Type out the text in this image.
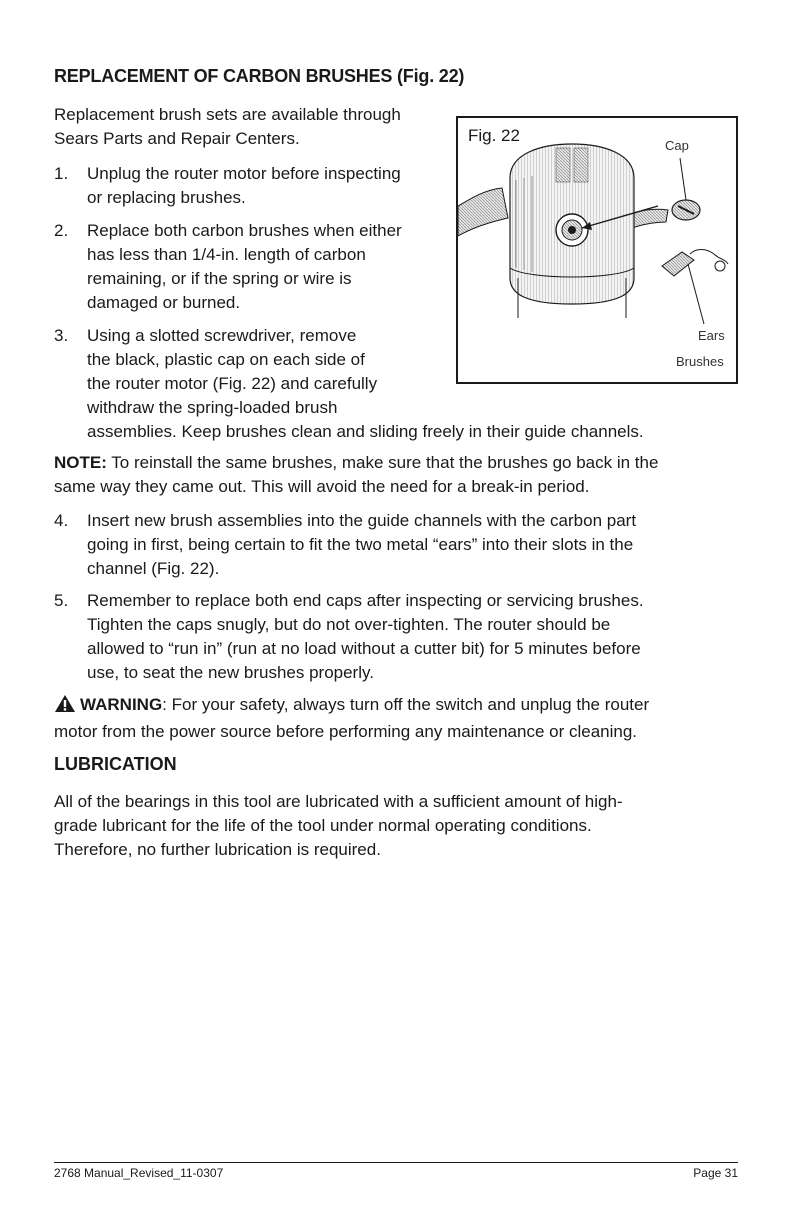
REPLACEMENT OF CARBON BRUSHES (Fig. 22)
Replacement brush sets are available through
Sears Parts and Repair Centers.
1.	Unplug the router motor before inspecting
or replacing brushes.
2.	Replace both carbon brushes when either
has less than 1/4-in. length of carbon
remaining, or if the spring or wire is
damaged or burned.
3.	Using a slotted screwdriver, remove
the black, plastic cap on each side of
the router motor (Fig. 22) and carefully
withdraw the spring-loaded brush
assemblies. Keep brushes clean and sliding freely in their guide channels.
NOTE: To reinstall the same brushes, make sure that the brushes go back in the
same way they came out. This will avoid the need for a break-in period.
4.	Insert new brush assemblies into the guide channels with the carbon part
going in first, being certain to fit the two metal “ears” into their slots in the
channel (Fig. 22).
5.	Remember to replace both end caps after inspecting or servicing brushes.
Tighten the caps snugly, but do not over-tighten. The router should be
allowed to “run in” (run at no load without a cutter bit) for 5 minutes before
use, to seat the new brushes properly.
WARNING: For your safety, always turn off the switch and unplug the router
motor from the power source before performing any maintenance or cleaning.
LUBRICATION
All of the bearings in this tool are lubricated with a sufficient amount of high-
grade lubricant for the life of the tool under normal operating conditions.
Therefore, no further lubrication is required.
Fig. 22
Cap
Ears
Brushes
2768 Manual_Revised_11-0307	Page 31
